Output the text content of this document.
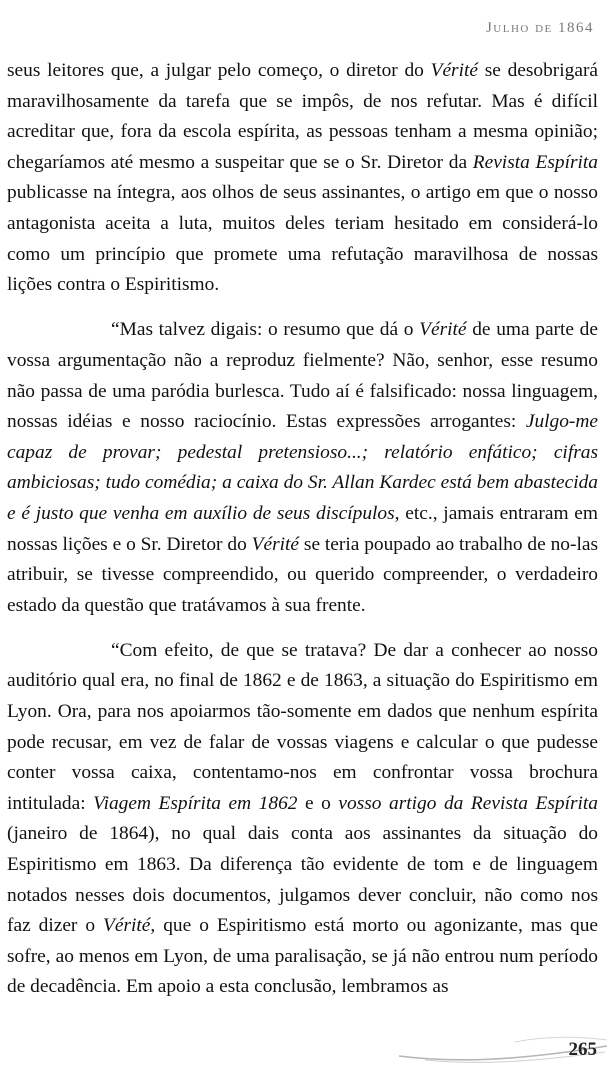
Julho de 1864

seus leitores que, a julgar pelo começo, o diretor do Vérité se desobrigará maravilhosamente da tarefa que se impôs, de nos refutar. Mas é difícil acreditar que, fora da escola espírita, as pessoas tenham a mesma opinião; chegaríamos até mesmo a suspeitar que se o Sr. Diretor da Revista Espírita publicasse na íntegra, aos olhos de seus assinantes, o artigo em que o nosso antagonista aceita a luta, muitos deles teriam hesitado em considerá-lo como um princípio que promete uma refutação maravilhosa de nossas lições contra o Espiritismo.

“Mas talvez digais: o resumo que dá o Vérité de uma parte de vossa argumentação não a reproduz fielmente? Não, senhor, esse resumo não passa de uma paródia burlesca. Tudo aí é falsificado: nossa linguagem, nossas idéias e nosso raciocínio. Estas expressões arrogantes: Julgo-me capaz de provar; pedestal pretensioso...; relatório enfático; cifras ambiciosas; tudo comédia; a caixa do Sr. Allan Kardec está bem abastecida e é justo que venha em auxílio de seus discípulos, etc., jamais entraram em nossas lições e o Sr. Diretor do Vérité se teria poupado ao trabalho de no-las atribuir, se tivesse compreendido, ou querido compreender, o verdadeiro estado da questão que tratávamos à sua frente.

“Com efeito, de que se tratava? De dar a conhecer ao nosso auditório qual era, no final de 1862 e de 1863, a situação do Espiritismo em Lyon. Ora, para nos apoiarmos tão-somente em dados que nenhum espírita pode recusar, em vez de falar de vossas viagens e calcular o que pudesse conter vossa caixa, contentamo-nos em confrontar vossa brochura intitulada: Viagem Espírita em 1862 e o vosso artigo da Revista Espírita (janeiro de 1864), no qual dais conta aos assinantes da situação do Espiritismo em 1863. Da diferença tão evidente de tom e de linguagem notados nesses dois documentos, julgamos dever concluir, não como nos faz dizer o Vérité, que o Espiritismo está morto ou agonizante, mas que sofre, ao menos em Lyon, de uma paralisação, se já não entrou num período de decadência. Em apoio a esta conclusão, lembramos as

265
